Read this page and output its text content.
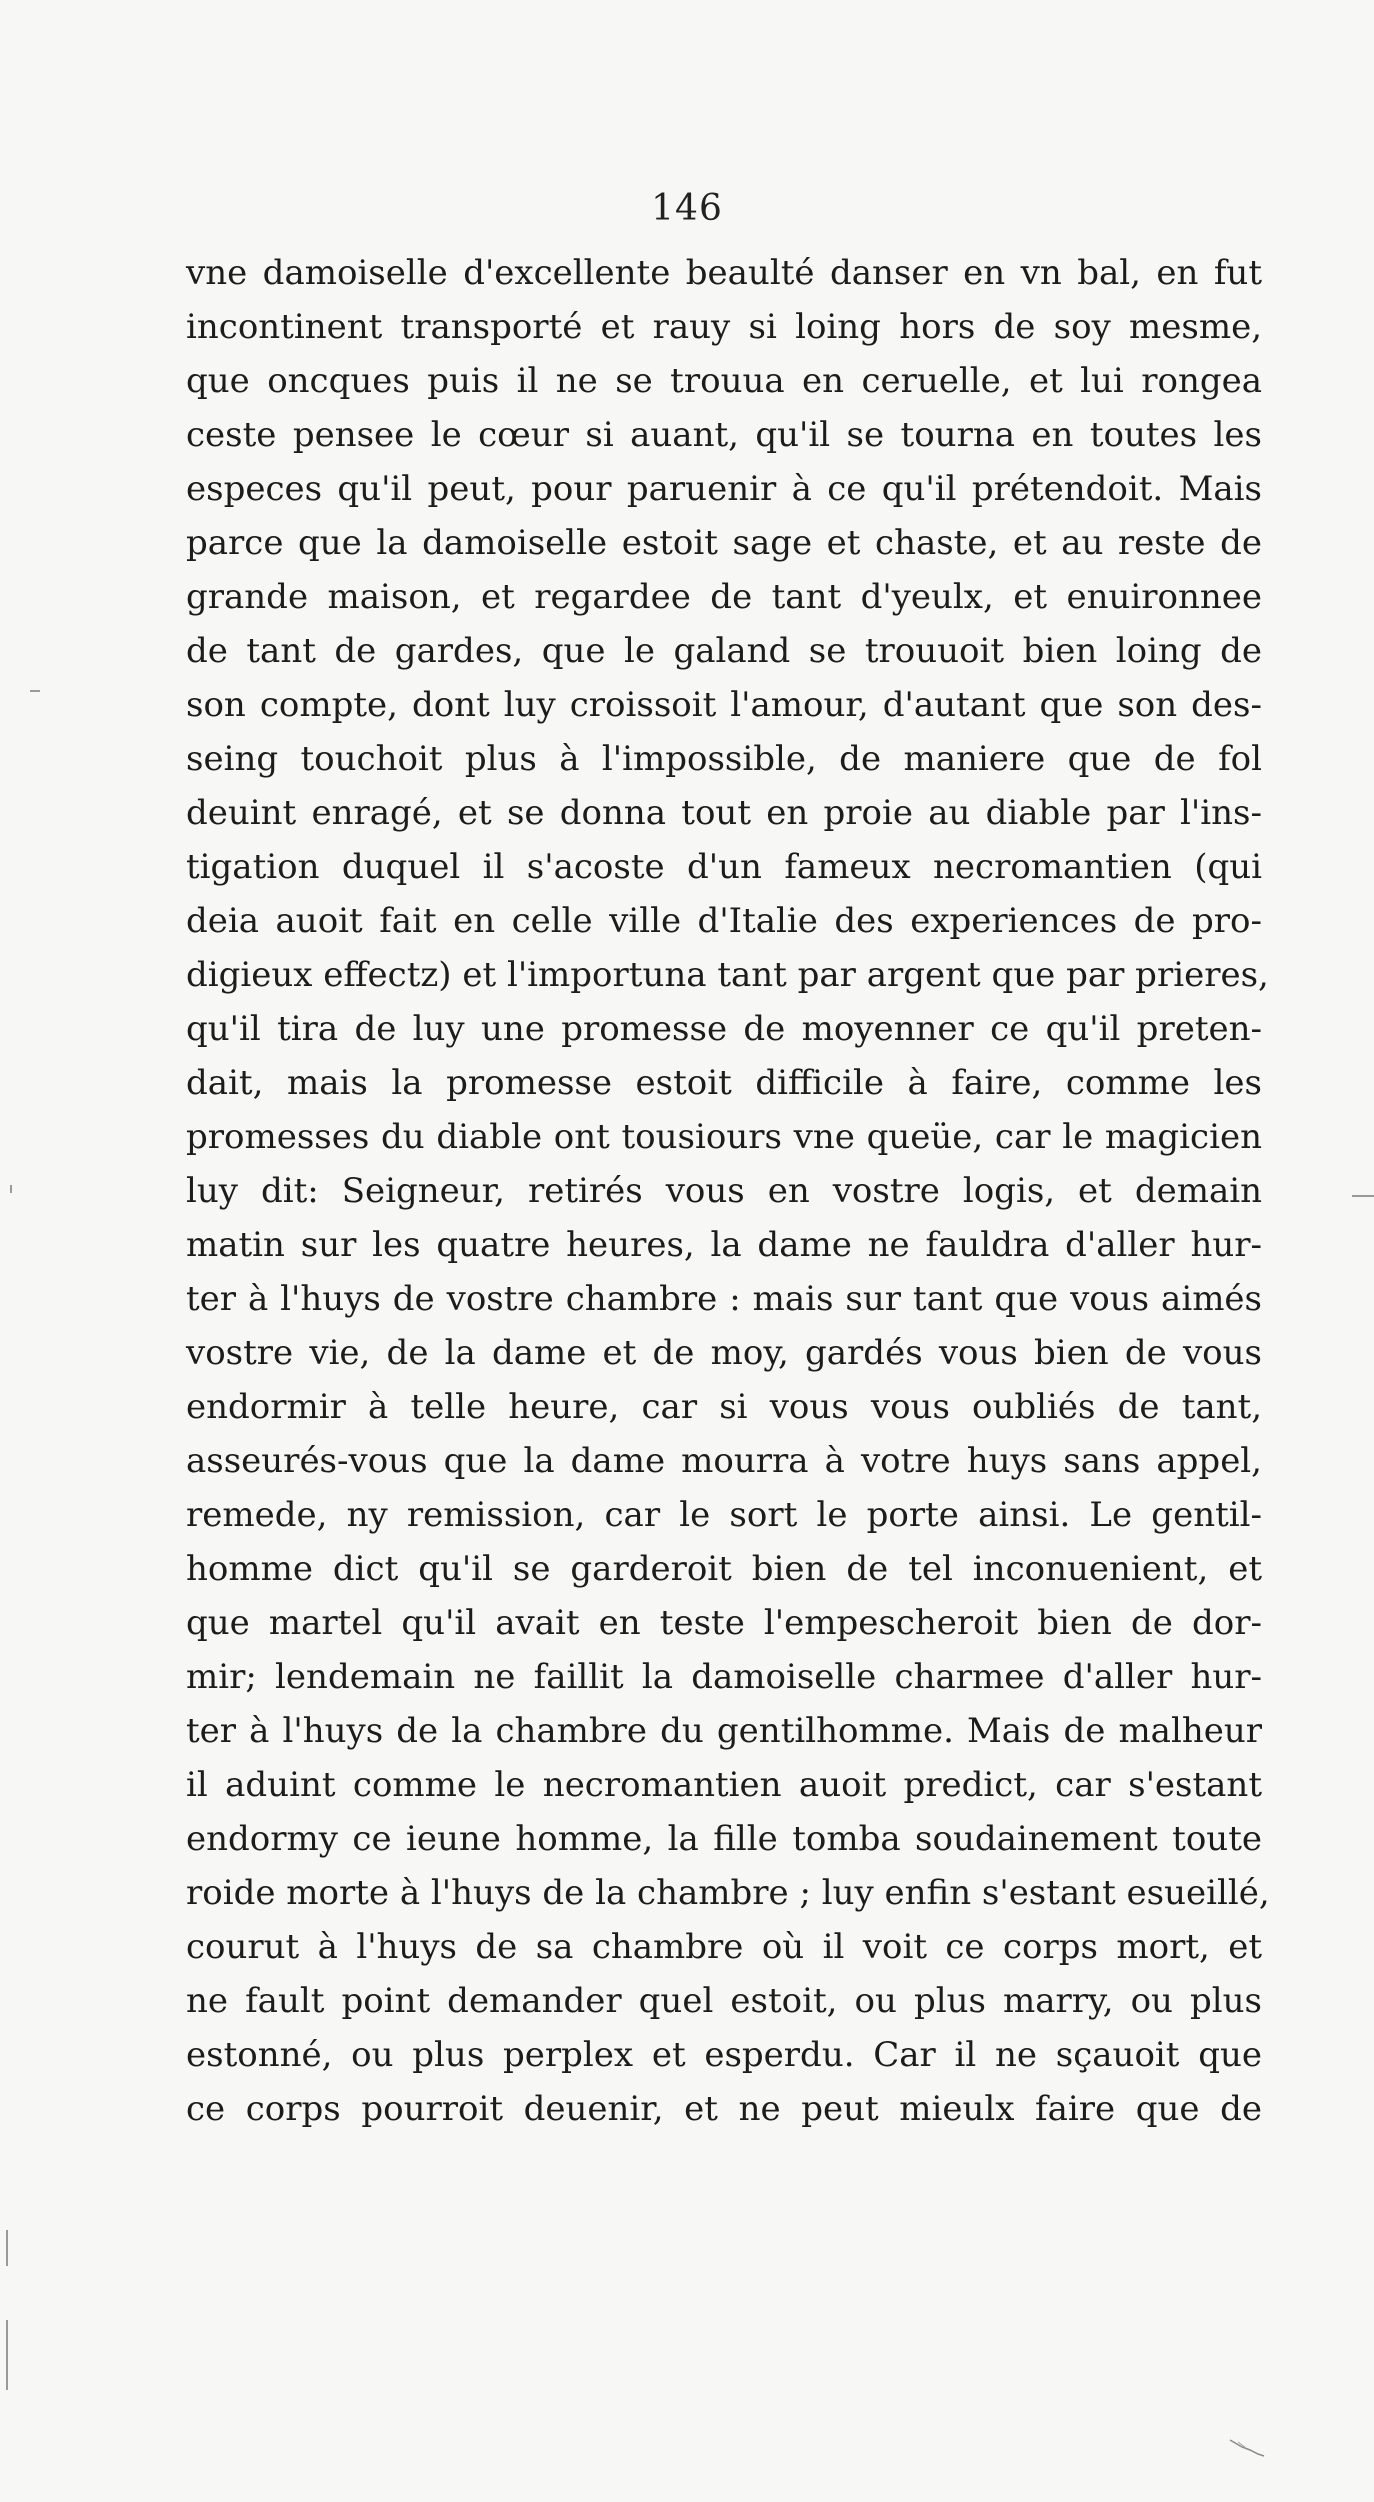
146
vne damoiselle d'excellente beaulté danser en vn bal, en fut
incontinent transporté et rauy si loing hors de soy mesme,
que oncques puis il ne se trouua en ceruelle, et lui rongea
ceste pensee le cœur si auant, qu'il se tourna en toutes les
especes qu'il peut, pour paruenir à ce qu'il prétendoit. Mais
parce que la damoiselle estoit sage et chaste, et au reste de
grande maison, et regardee de tant d'yeulx, et enuironnee
de tant de gardes, que le galand se trouuoit bien loing de
son compte, dont luy croissoit l'amour, d'autant que son des-
seing touchoit plus à l'impossible, de maniere que de fol
deuint enragé, et se donna tout en proie au diable par l'ins-
tigation duquel il s'acoste d'un fameux necromantien (qui
deia auoit fait en celle ville d'Italie des experiences de pro-
digieux effectz) et l'importuna tant par argent que par prieres,
qu'il tira de luy une promesse de moyenner ce qu'il preten-
dait, mais la promesse estoit difficile à faire, comme les
promesses du diable ont tousiours vne queüe, car le magicien
luy dit: Seigneur, retirés vous en vostre logis, et demain
matin sur les quatre heures, la dame ne fauldra d'aller hur-
ter à l'huys de vostre chambre : mais sur tant que vous aimés
vostre vie, de la dame et de moy, gardés vous bien de vous
endormir à telle heure, car si vous vous oubliés de tant,
asseurés-vous que la dame mourra à votre huys sans appel,
remede, ny remission, car le sort le porte ainsi. Le gentil-
homme dict qu'il se garderoit bien de tel inconuenient, et
que martel qu'il avait en teste l'empescheroit bien de dor-
mir; lendemain ne faillit la damoiselle charmee d'aller hur-
ter à l'huys de la chambre du gentilhomme. Mais de malheur
il aduint comme le necromantien auoit predict, car s'estant
endormy ce ieune homme, la fille tomba soudainement toute
roide morte à l'huys de la chambre ; luy enfin s'estant esueillé,
courut à l'huys de sa chambre où il voit ce corps mort, et
ne fault point demander quel estoit, ou plus marry, ou plus
estonné, ou plus perplex et esperdu. Car il ne sçauoit que
ce corps pourroit deuenir, et ne peut mieulx faire que de
